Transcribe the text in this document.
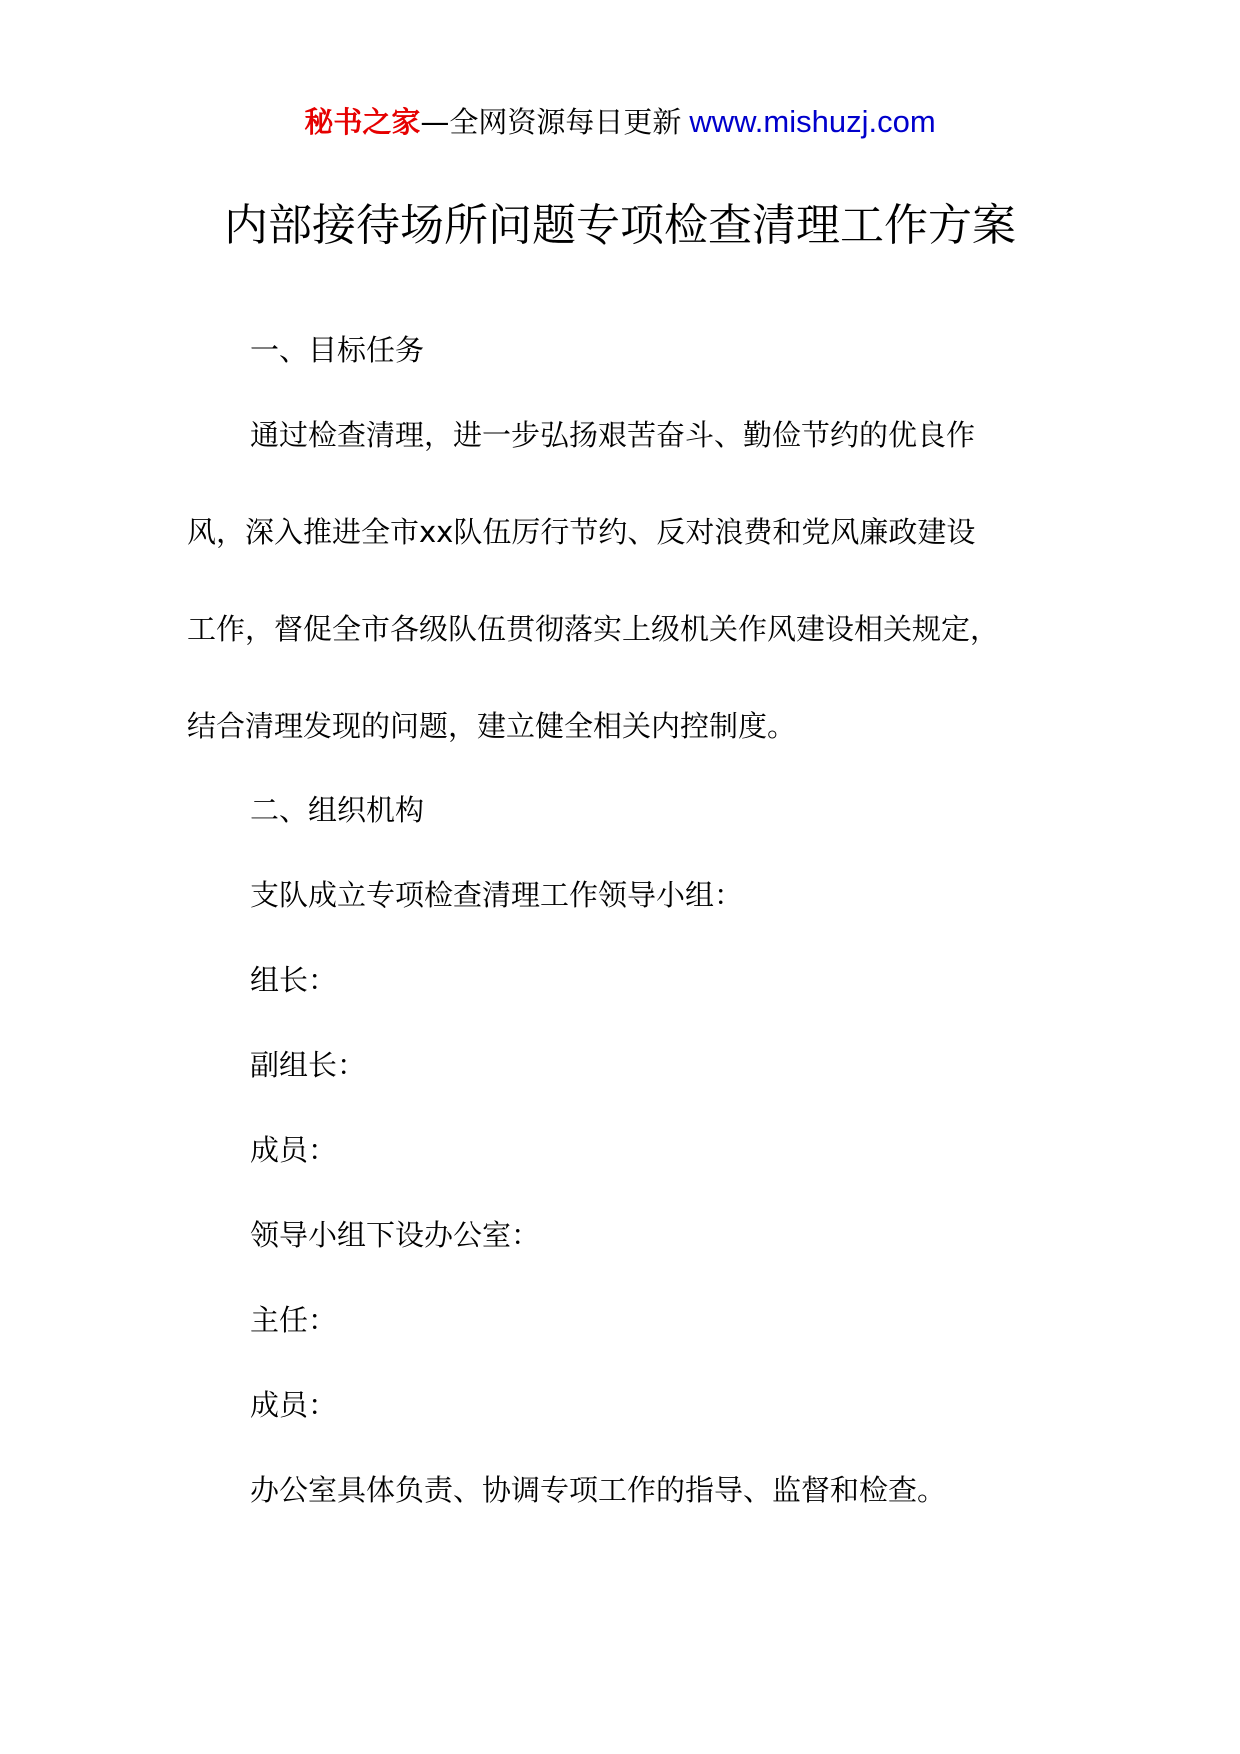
秘书之家—全网资源每日更新 www.mishuzj.com
内部接待场所问题专项检查清理工作方案

一、目标任务

通过检查清理，进一步弘扬艰苦奋斗、勤俭节约的优良作

风，深入推进全市xx队伍厉行节约、反对浪费和党风廉政建设

工作，督促全市各级队伍贯彻落实上级机关作风建设相关规定，

结合清理发现的问题，建立健全相关内控制度。

二、组织机构

支队成立专项检查清理工作领导小组：

组长：

副组长：

成员：

领导小组下设办公室：

主任：

成员：

办公室具体负责、协调专项工作的指导、监督和检查。
